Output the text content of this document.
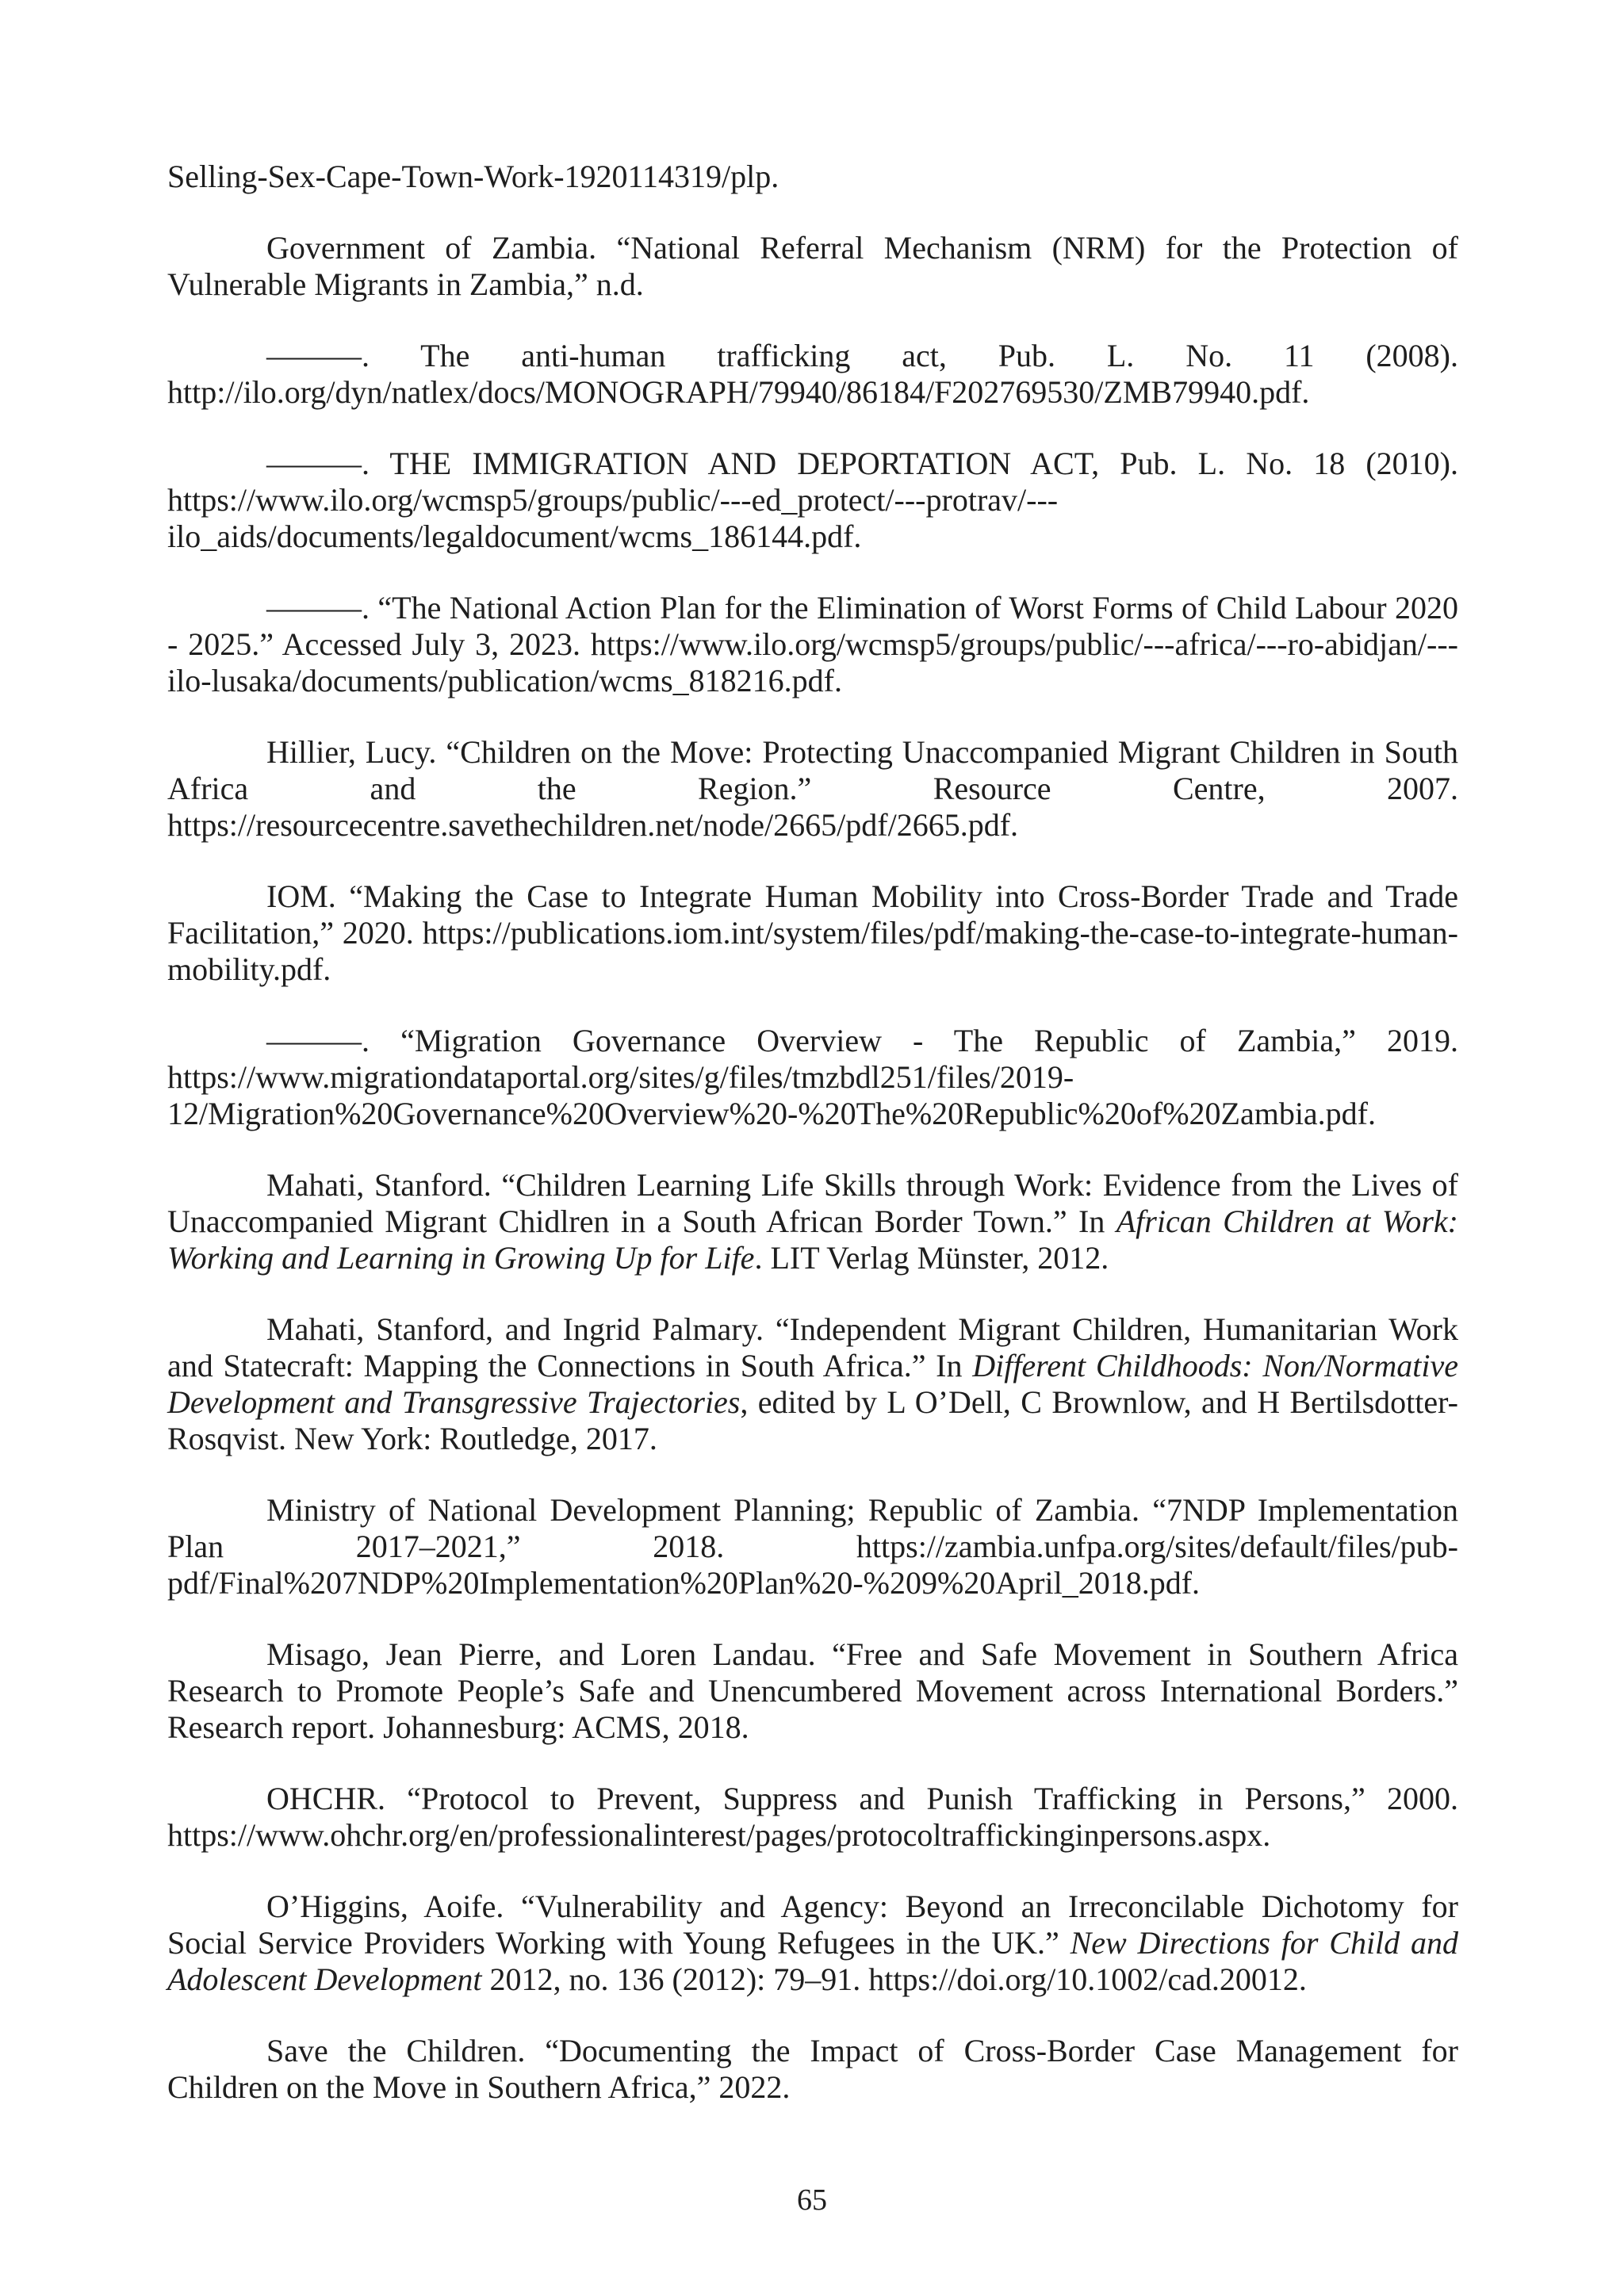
Selling-Sex-Cape-Town-Work-1920114319/plp.

Government of Zambia. “National Referral Mechanism (NRM) for the Protection of Vulnerable Migrants in Zambia,” n.d.

———. The anti-human trafficking act, Pub. L. No. 11 (2008). http://ilo.org/dyn/natlex/docs/MONOGRAPH/79940/86184/F202769530/ZMB79940.pdf.

———. THE IMMIGRATION AND DEPORTATION ACT, Pub. L. No. 18 (2010). https://www.ilo.org/wcmsp5/groups/public/---ed_protect/---protrav/---ilo_aids/documents/legaldocument/wcms_186144.pdf.

———. “The National Action Plan for the Elimination of Worst Forms of Child Labour 2020 - 2025.” Accessed July 3, 2023. https://www.ilo.org/wcmsp5/groups/public/---africa/---ro-abidjan/---ilo-lusaka/documents/publication/wcms_818216.pdf.

Hillier, Lucy. “Children on the Move: Protecting Unaccompanied Migrant Children in South Africa and the Region.” Resource Centre, 2007. https://resourcecentre.savethechildren.net/node/2665/pdf/2665.pdf.

IOM. “Making the Case to Integrate Human Mobility into Cross-Border Trade and Trade Facilitation,” 2020. https://publications.iom.int/system/files/pdf/making-the-case-to-integrate-human-mobility.pdf.

———. “Migration Governance Overview - The Republic of Zambia,” 2019. https://www.migrationdataportal.org/sites/g/files/tmzbdl251/files/2019-12/Migration%20Governance%20Overview%20-%20The%20Republic%20of%20Zambia.pdf.

Mahati, Stanford. “Children Learning Life Skills through Work: Evidence from the Lives of Unaccompanied Migrant Chidlren in a South African Border Town.” In African Children at Work: Working and Learning in Growing Up for Life. LIT Verlag Münster, 2012.

Mahati, Stanford, and Ingrid Palmary. “Independent Migrant Children, Humanitarian Work and Statecraft: Mapping the Connections in South Africa.” In Different Childhoods: Non/Normative Development and Transgressive Trajectories, edited by L O’Dell, C Brownlow, and H Bertilsdotter-Rosqvist. New York: Routledge, 2017.

Ministry of National Development Planning; Republic of Zambia. “7NDP Implementation Plan 2017–2021,” 2018. https://zambia.unfpa.org/sites/default/files/pub-pdf/Final%207NDP%20Implementation%20Plan%20-%209%20April_2018.pdf.

Misago, Jean Pierre, and Loren Landau. “Free and Safe Movement in Southern Africa Research to Promote People’s Safe and Unencumbered Movement across International Borders.” Research report. Johannesburg: ACMS, 2018.

OHCHR. “Protocol to Prevent, Suppress and Punish Trafficking in Persons,” 2000. https://www.ohchr.org/en/professionalinterest/pages/protocoltraffickinginpersons.aspx.

O’Higgins, Aoife. “Vulnerability and Agency: Beyond an Irreconcilable Dichotomy for Social Service Providers Working with Young Refugees in the UK.” New Directions for Child and Adolescent Development 2012, no. 136 (2012): 79–91. https://doi.org/10.1002/cad.20012.

Save the Children. “Documenting the Impact of Cross-Border Case Management for Children on the Move in Southern Africa,” 2022.

65
